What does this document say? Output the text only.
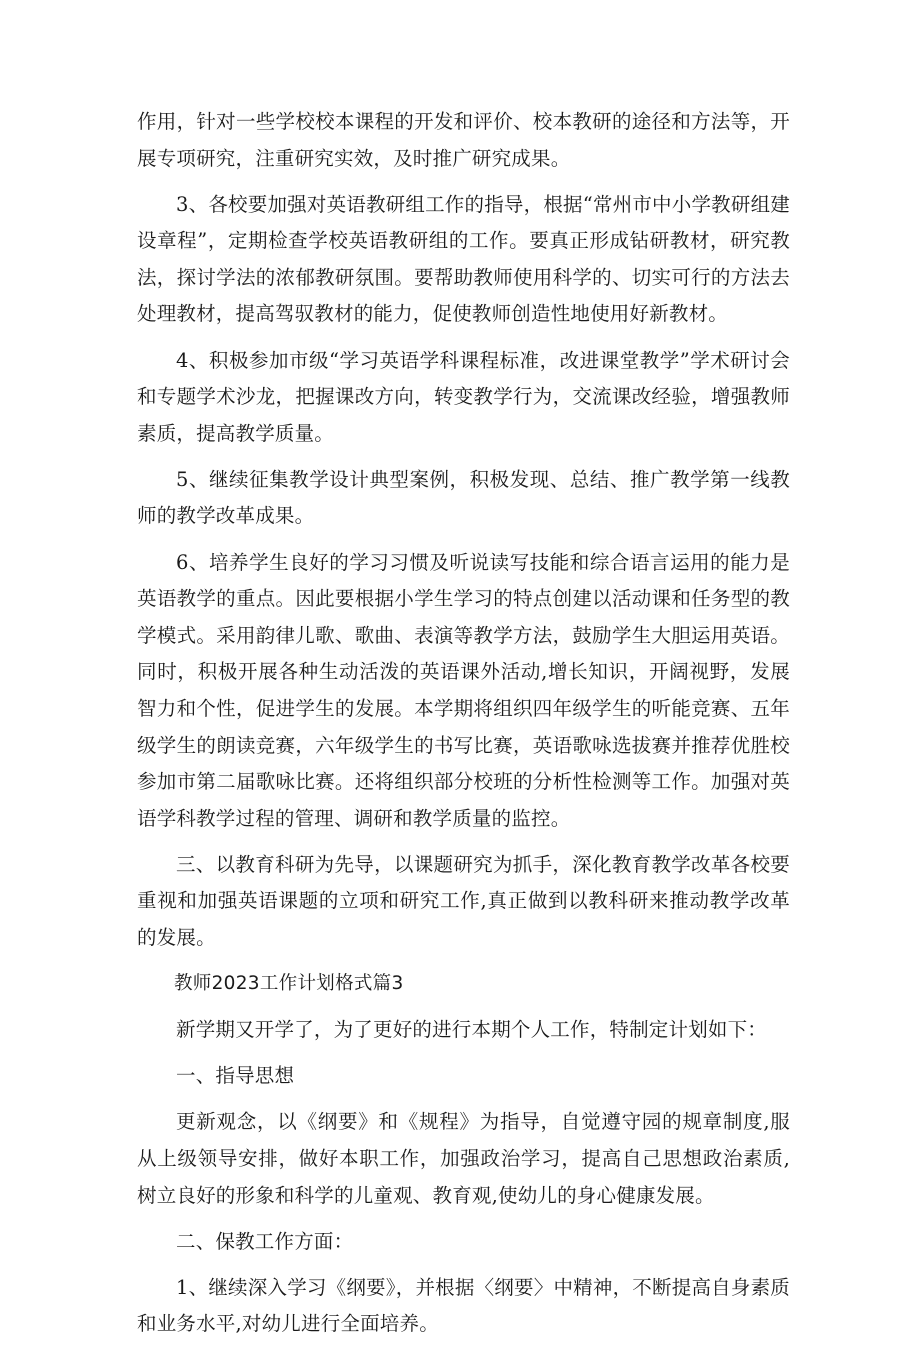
作用，针对一些学校校本课程的开发和评价、校本教研的途径和方法等，开展专项研究，注重研究实效，及时推广研究成果。

3、各校要加强对英语教研组工作的指导，根据“常州市中小学教研组建设章程”，定期检查学校英语教研组的工作。要真正形成钻研教材，研究教法，探讨学法的浓郁教研氛围。要帮助教师使用科学的、切实可行的方法去处理教材，提高驾驭教材的能力，促使教师创造性地使用好新教材。

4、积极参加市级“学习英语学科课程标准，改进课堂教学”学术研讨会和专题学术沙龙，把握课改方向，转变教学行为，交流课改经验，增强教师素质，提高教学质量。

5、继续征集教学设计典型案例，积极发现、总结、推广教学第一线教师的教学改革成果。

6、培养学生良好的学习习惯及听说读写技能和综合语言运用的能力是英语教学的重点。因此要根据小学生学习的特点创建以活动课和任务型的教学模式。采用韵律儿歌、歌曲、表演等教学方法，鼓励学生大胆运用英语。同时，积极开展各种生动活泼的英语课外活动,增长知识，开阔视野，发展智力和个性，促进学生的发展。本学期将组织四年级学生的听能竞赛、五年级学生的朗读竞赛，六年级学生的书写比赛，英语歌咏选拔赛并推荐优胜校参加市第二届歌咏比赛。还将组织部分校班的分析性检测等工作。加强对英语学科教学过程的管理、调研和教学质量的监控。

三、以教育科研为先导，以课题研究为抓手，深化教育教学改革各校要重视和加强英语课题的立项和研究工作,真正做到以教科研来推动教学改革的发展。

教师2023工作计划格式篇3

新学期又开学了，为了更好的进行本期个人工作，特制定计划如下：

一、指导思想

更新观念，以《纲要》和《规程》为指导，自觉遵守园的规章制度,服从上级领导安排，做好本职工作，加强政治学习，提高自己思想政治素质,树立良好的形象和科学的儿童观、教育观,使幼儿的身心健康发展。

二、保教工作方面：

1、继续深入学习《纲要》，并根据〈纲要〉中精神，不断提高自身素质和业务水平,对幼儿进行全面培养。
